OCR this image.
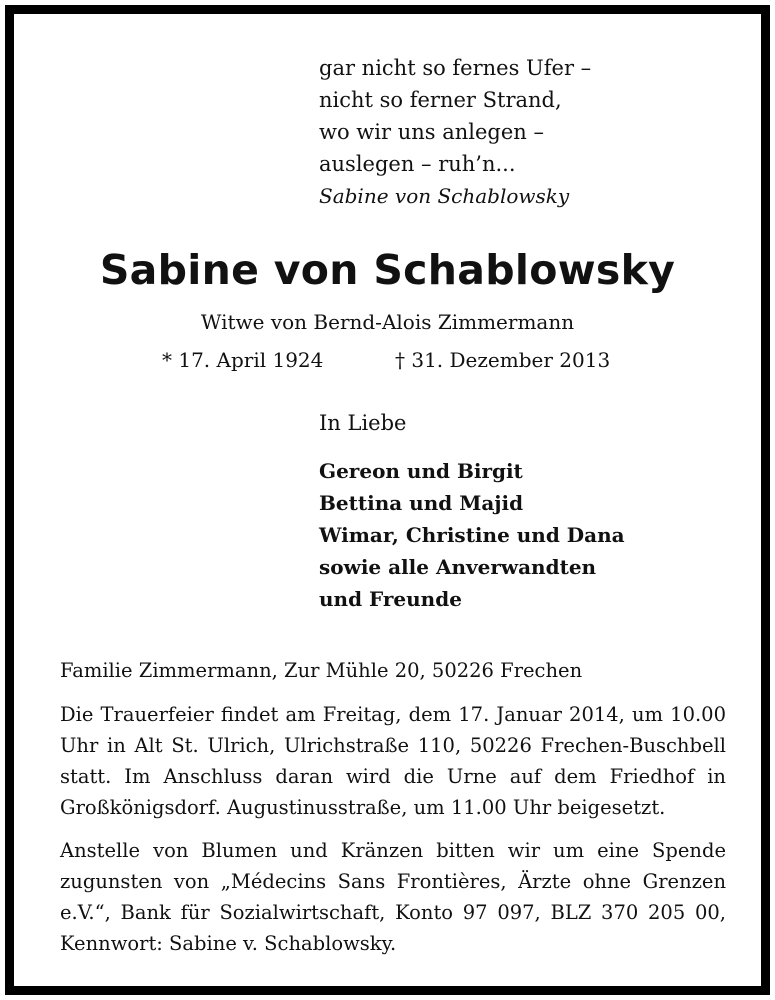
gar nicht so fernes Ufer –
nicht so ferner Strand,
wo wir uns anlegen –
auslegen – ruh’n...
Sabine von Schablowsky
Sabine von Schablowsky
Witwe von Bernd-Alois Zimmermann
* 17. April 1924	† 31. Dezember 2013
In Liebe
Gereon und Birgit
Bettina und Majid
Wimar, Christine und Dana
sowie alle Anverwandten
und Freunde
Familie Zimmermann, Zur Mühle 20, 50226 Frechen
Die Trauerfeier findet am Freitag, dem 17. Januar 2014, um 10.00 Uhr in Alt St. Ulrich, Ulrichstraße 110, 50226 Frechen-Buschbell statt. Im Anschluss daran wird die Urne auf dem Friedhof in Großkönigsdorf. Augustinusstraße, um 11.00 Uhr beigesetzt.
Anstelle von Blumen und Kränzen bitten wir um eine Spende zugunsten von „Médecins Sans Frontières, Ärzte ohne Grenzen e.V.“, Bank für Sozialwirtschaft, Konto 97 097, BLZ 370 205 00, Kennwort: Sabine v. Schablowsky.
